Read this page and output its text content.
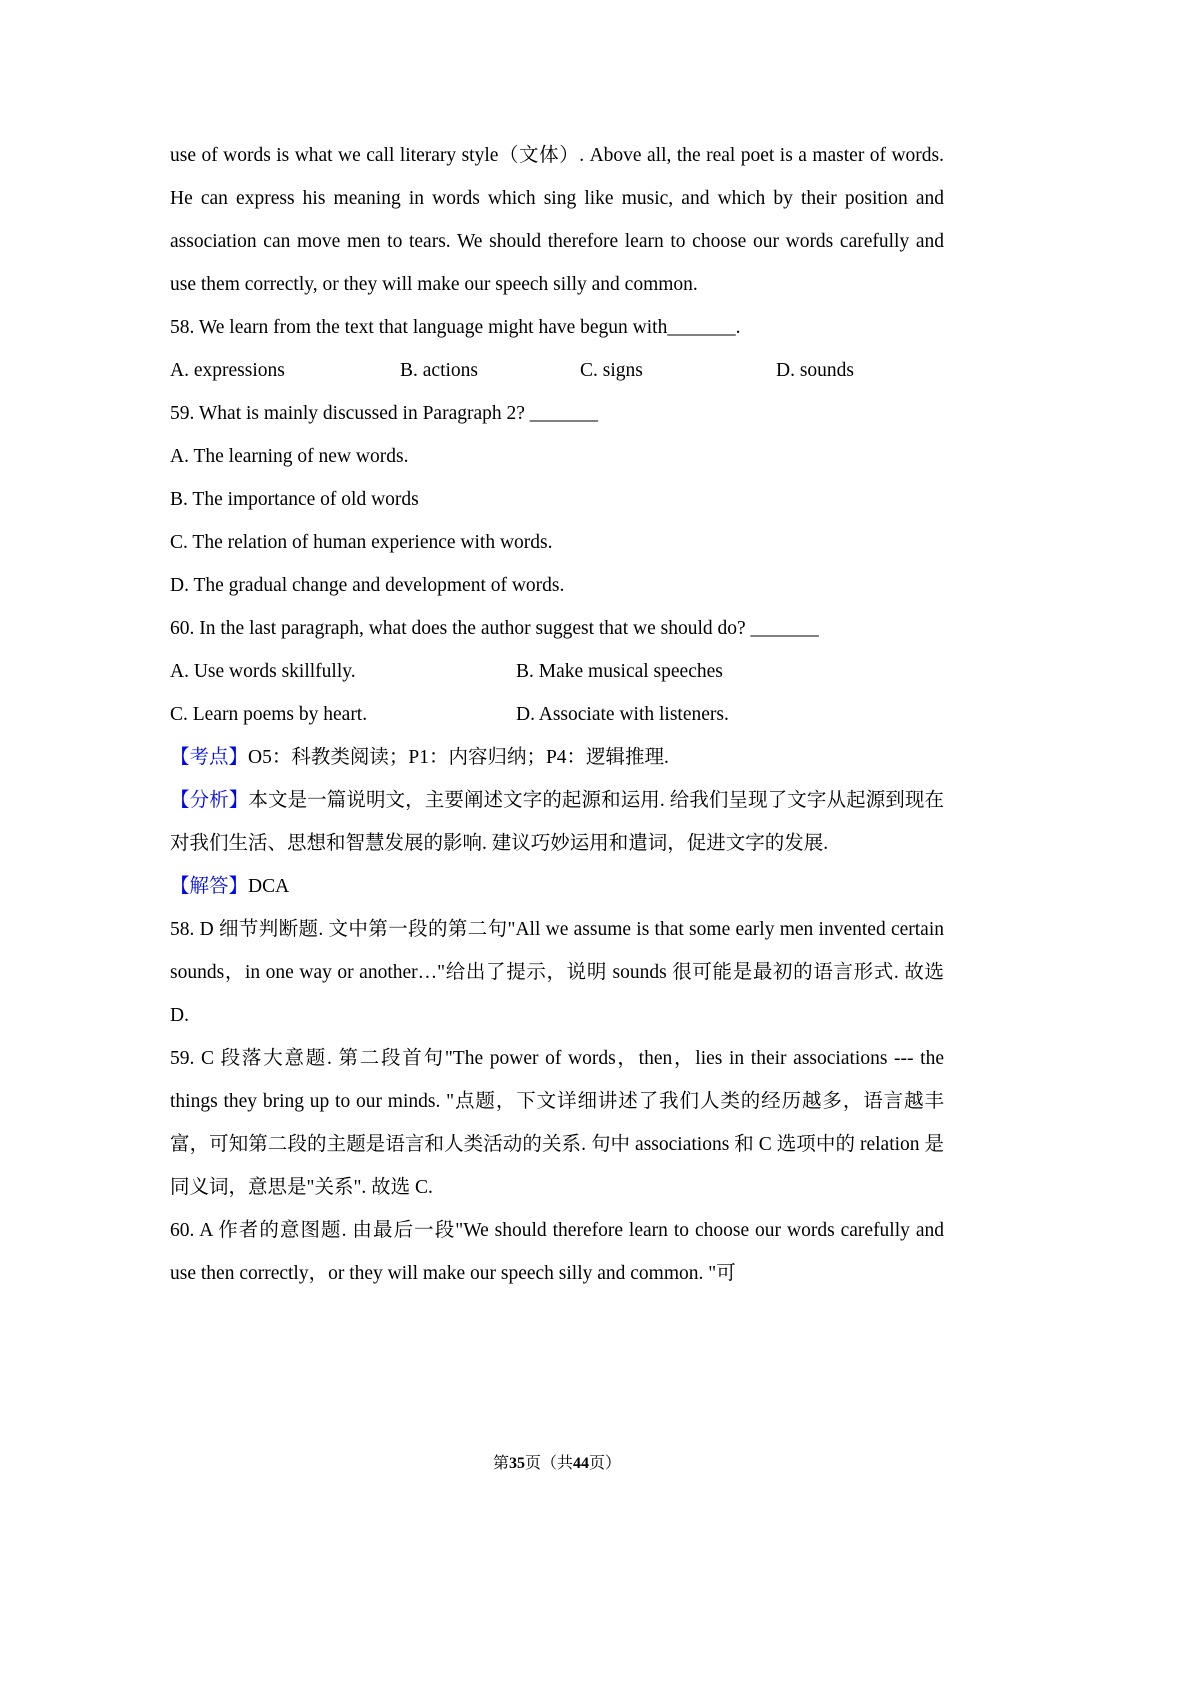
use of words is what we call literary style（文体）. Above all, the real poet is a master of words. He can express his meaning in words which sing like music, and which by their position and association can move men to tears. We should therefore learn to choose our words carefully and use them correctly, or they will make our speech silly and common.

58. We learn from the text that language might have begun with_______.

A. expressions	B. actions	C. signs	D. sounds

59. What is mainly discussed in Paragraph 2? _______

A. The learning of new words.

B. The importance of old words

C. The relation of human experience with words.

D. The gradual change and development of words.

60. In the last paragraph, what does the author suggest that we should do? _______

A. Use words skillfully.	B. Make musical speeches
C. Learn poems by heart.	D. Associate with listeners.

【考点】O5：科教类阅读；P1：内容归纳；P4：逻辑推理.

【分析】本文是一篇说明文，主要阐述文字的起源和运用. 给我们呈现了文字从起源到现在对我们生活、思想和智慧发展的影响. 建议巧妙运用和遣词，促进文字的发展.

【解答】DCA

58. D 细节判断题. 文中第一段的第二句"All we assume is that some early men invented certain sounds，in one way or another…"给出了提示，说明 sounds 很可能是最初的语言形式. 故选 D.

59. C 段落大意题. 第二段首句"The power of words，then，lies in their associations --- the things they bring up to our minds. "点题，下文详细讲述了我们人类的经历越多，语言越丰富，可知第二段的主题是语言和人类活动的关系. 句中 associations 和 C 选项中的 relation 是同义词，意思是"关系". 故选 C.

60. A 作者的意图题. 由最后一段"We should therefore learn to choose our words carefully and use then correctly，or they will make our speech silly and common. "可

第35页（共44页）
